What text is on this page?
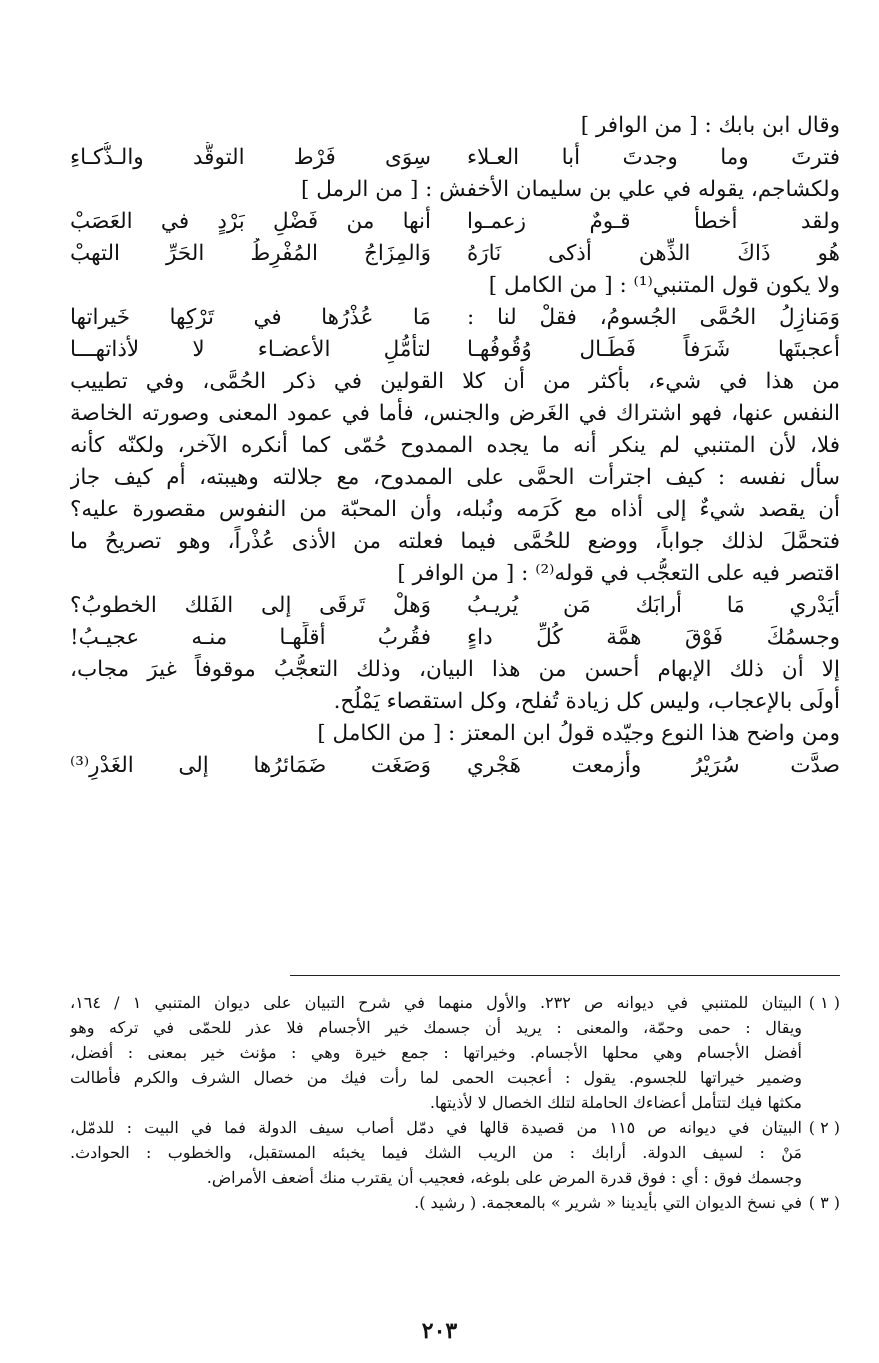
وقال ابن بابك : [ من الوافر ]
فترتَ وما وجدتَ أبا العـلاء
سِوَى فَرْط التوقُّد والـذُّكـاءِ
ولكشاجم، يقوله في علي بن سليمان الأخفش : [ من الرمل ]
ولقد أخطأَ قـومٌ زعمـوا
أنها من فَضْلِ بَرْدٍ في العَصَبْ
هُو ذَاكَ الذِّهن أذكى نَارَهُ
وَالمِزَاجُ المُفْرِطُ الحَرِّ التهبْ
ولا يكون قول المتنبي⁽¹⁾ : [ من الكامل ]
وَمَنازِلُ الحُمَّى الجُسومُ، فقلْ لنا :
مَا عُذْرُها في تَرْكِها خَيراتها
أعجبتَها شَرَفاً فَطَـال وُقُوفُهـا
لتأمُّلِ الأعضـاء لا لأذاتهـــا
من هذا في شيء، بأكثر من أن كلا القولين في ذكر الحُمَّى، وفي تطييب
النفس عنها، فهو اشتراك في الغَرض والجنس، فأما في عمود المعنى وصورته الخاصة
فلا، لأن المتنبي لم ينكر أنه ما يجده الممدوح حُمّى كما أنكره الآخر، ولكنّه كأنه
سأل نفسه : كيف اجترأت الحمَّى على الممدوح، مع جلالته وهيبته، أم كيف جاز
أن يقصد شيءٌ إلى أذاه مع كَرَمه ونُبله، وأن المحبّة من النفوس مقصورة عليه؟
فتحمَّلَ لذلك جواباً، ووضع للحُمَّى فيما فعلته من الأذى عُذْراً، وهو تصريحُ ما
اقتصر فيه على التعجُّب في قوله⁽²⁾ : [ من الوافر ]
أيَدْري مَا أرابَك مَن يُريـبُ
وَهلْ تَرقَى إلى الفَلك الخطوبُ؟
وجسمُكَ فَوْقَ همَّة كُلِّ داءٍ
فقُربُ أقلِّهـا منـه عجيـبُ!
إلا أن ذلك الإبهام أحسن من هذا البيان، وذلك التعجُّبُ موقوفاً غيرَ مجاب،
أولَى بالإعجاب، وليس كل زيادة تُفلح، وكل استقصاء يَمْلُح.
ومن واضح هذا النوع وجيّده قولُ ابن المعتز : [ من الكامل ]
صدَّت سُرَيْرُ وأزمعت هَجْري
وَصَغَت ضَمَائرُها إلى الغَدْرِ⁽³⁾
( ١ )
البيتان للمتنبي في ديوانه ص ٢٣٢. والأول منهما في شرح التبيان على ديوان المتنبي ١ / ١٦٤،
ويقال : حمى وحمّة، والمعنى : يريد أن جسمك خير الأجسام فلا عذر للحمّى في تركه وهو
أفضل الأجسام وهي محلها الأجسام. وخيراتها : جمع خيرة وهي : مؤنث خير بمعنى : أفضل،
وضمير خيراتها للجسوم. يقول : أعجبت الحمى لما رأت فيك من خصال الشرف والكرم فأطالت
مكثها فيك لتتأمل أعضاءك الحاملة لتلك الخصال لا لأذيتها.
( ٢ )
البيتان في ديوانه ص ١١٥ من قصيدة قالها في دمّل أصاب سيف الدولة فما في البيت : للدمّل،
مَنْ : لسيف الدولة. أرابك : من الريب الشك فيما يخبئه المستقبل، والخطوب : الحوادث.
وجسمك فوق : أي : فوق قدرة المرض على بلوغه، فعجيب أن يقترب منك أضعف الأمراض.
( ٣ )
في نسخ الديوان التي بأيدينا « شرير » بالمعجمة. ( رشيد ).
٢٠٣
